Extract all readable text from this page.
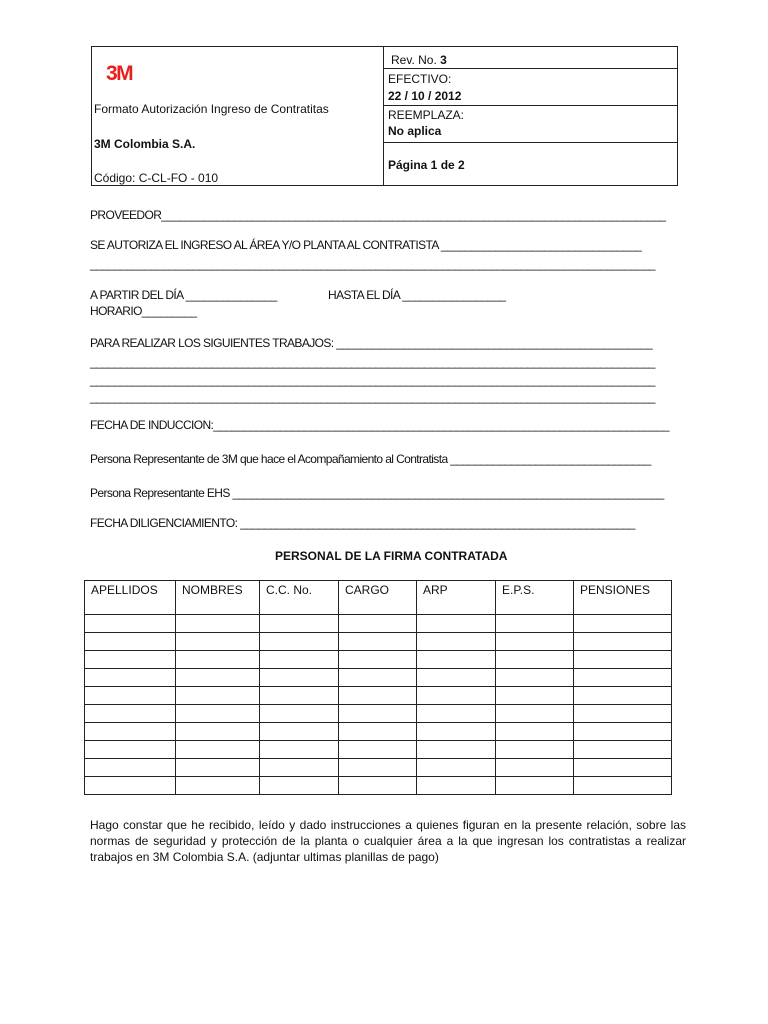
3M
Formato Autorización Ingreso de Contratitas
3M Colombia S.A.
Código: C-CL-FO - 010
Rev. No. 3
EFECTIVO:
22 / 10 / 2012
REEMPLAZA:
No aplica
Página 1 de 2
PROVEEDOR___________________________________________________________________________________
SE AUTORIZA EL INGRESO AL ÁREA Y/O PLANTA AL CONTRATISTA _________________________________
_____________________________________________________________________________________________
A PARTIR DEL DÍA _______________	HASTA EL DÍA _________________
HORARIO_________
PARA REALIZAR LOS SIGUIENTES TRABAJOS: ____________________________________________________
_____________________________________________________________________________________________
_____________________________________________________________________________________________
_____________________________________________________________________________________________
FECHA DE INDUCCION:___________________________________________________________________________
Persona Representante de 3M que hace el Acompañamiento al Contratista _________________________________
Persona Representante EHS _______________________________________________________________________
FECHA DILIGENCIAMIENTO: _________________________________________________________________
PERSONAL DE LA FIRMA CONTRATADA
APELLIDOS	NOMBRES	C.C. No.	CARGO	ARP	E.P.S.	PENSIONES

Hago constar que he recibido, leído y dado instrucciones a quienes figuran en la presente relación, sobre las normas de seguridad y protección de la planta o cualquier área a la que ingresan los contratistas a realizar trabajos en 3M Colombia S.A. (adjuntar ultimas planillas de pago)
